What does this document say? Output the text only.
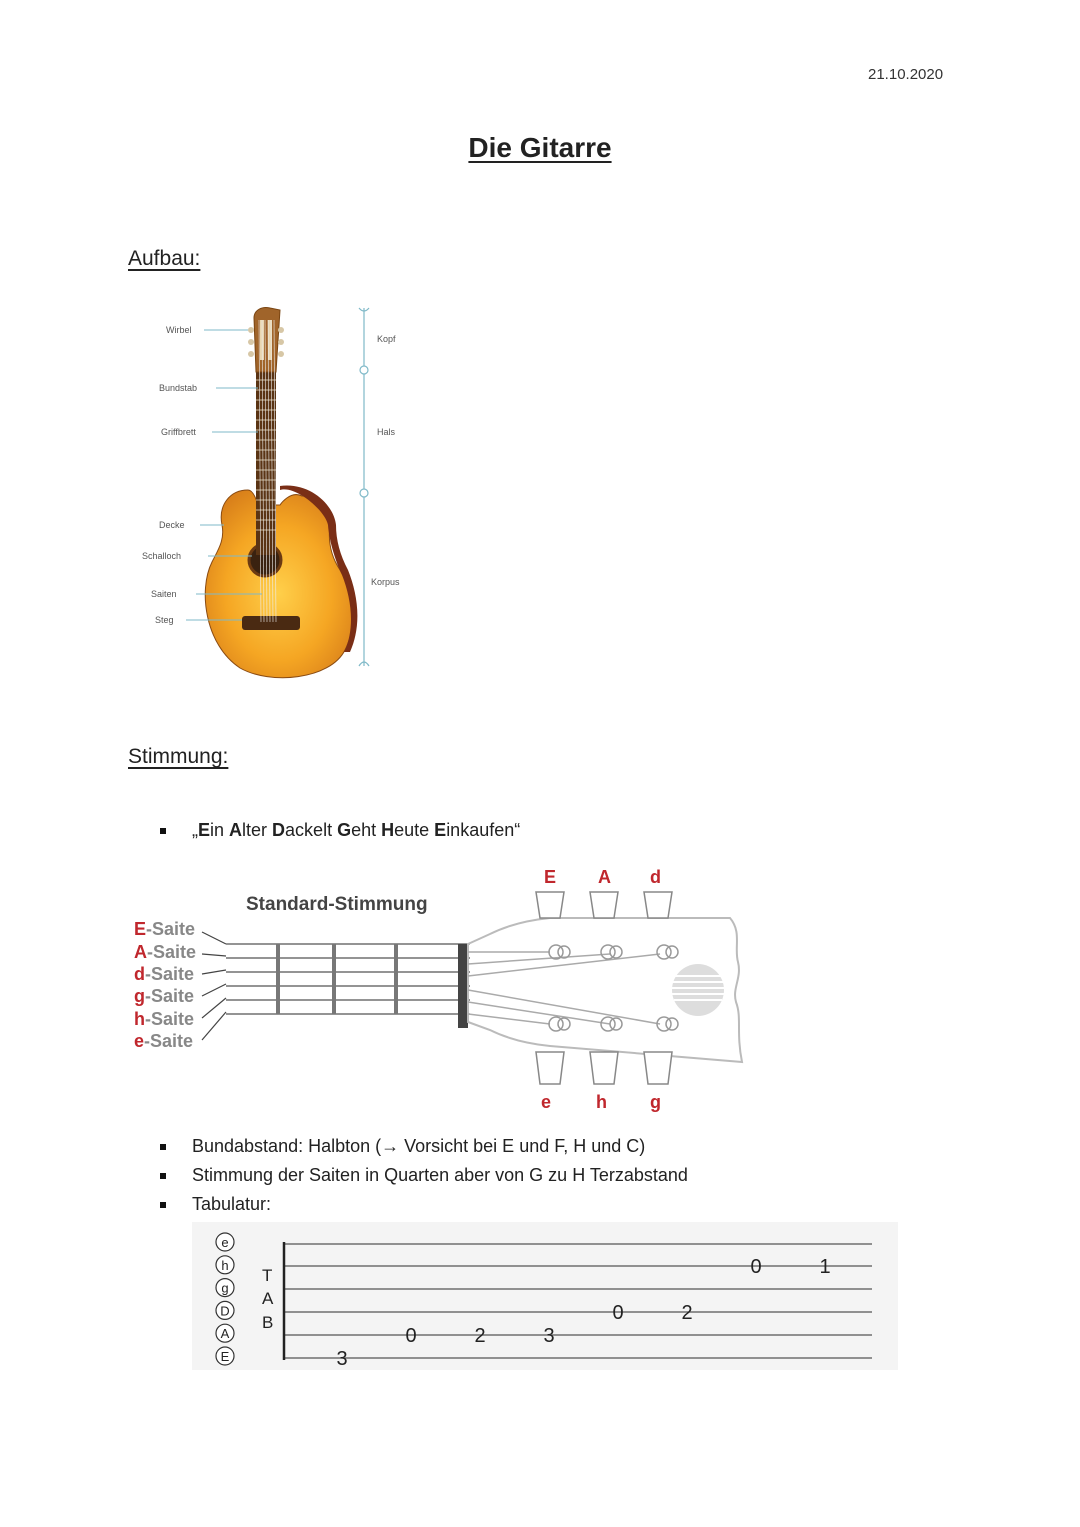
21.10.2020
Die Gitarre
Aufbau:
Wirbel
Bundstab
Griffbrett
Decke
Schalloch
Saiten
Steg
Kopf
Hals
Korpus
Stimmung:
„Ein Alter Dackelt Geht Heute Einkaufen“
Standard-Stimmung
E-Saite
A-Saite
d-Saite
g-Saite
h-Saite
e-Saite
E A d
e h g
Bundabstand: Halbton (→ Vorsicht bei E und F, H und C)
Stimmung der Saiten in Quarten aber von G zu H Terzabstand
Tabulatur:
e
h
g
D
A
E
T
A
B
3
0	2	3
0	2
0	1
